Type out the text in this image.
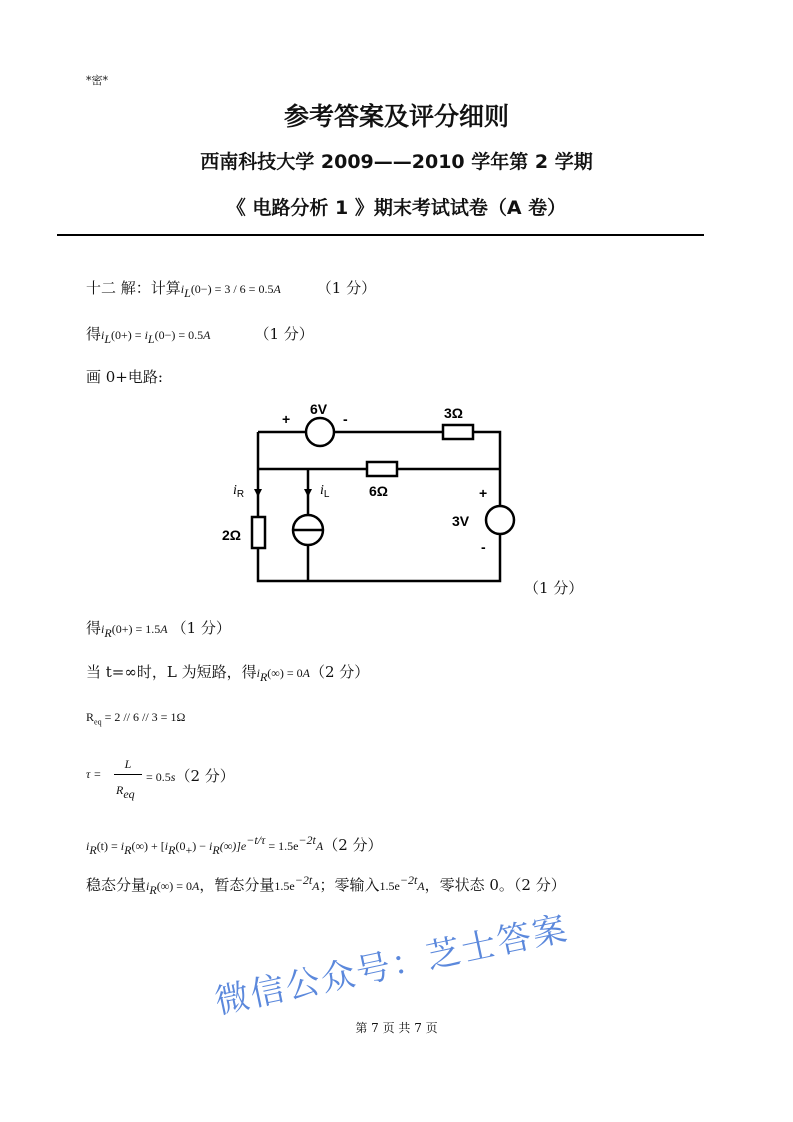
*密*
参考答案及评分细则
西南科技大学 2009——2010 学年第 2 学期
《 电路分析 1 》期末考试试卷（A 卷）
十二 解：计算$i_L(0-) = 3 / 6 = 0.5A$ （1 分）
得$i_L(0+) = i_L(0-) = 0.5A$	（1 分）
画 0+电路:
6V
+	-	3Ω
6Ω
2Ω
3V
+
-
$i_R$	$i_L$
（1 分）
得$i_R(0+) = 1.5A$ （1 分）
当 t=∞时，L 为短路，得$i_R(\infty) = 0A(2$ 分）
$R_{eq} = 2 // 6 // 3 = 1\Omega$
τ =
L
$R_{eq}$
= 0.5s（2 分）
$i_R(t) = i_R(\infty) + [i_R(0_+) - i_R(\infty)]e^{-t/\tau} = 1.5e^{-2t}A(2$ 分）
稳态分量$i_R(\infty) = 0A$，暂态分量$1.5e^{-2t}A$；零输入$1.5e^{-2t}A$，零状态 0。（2 分）
微信公众号：芝士答案
第 7 页 共 7 页
